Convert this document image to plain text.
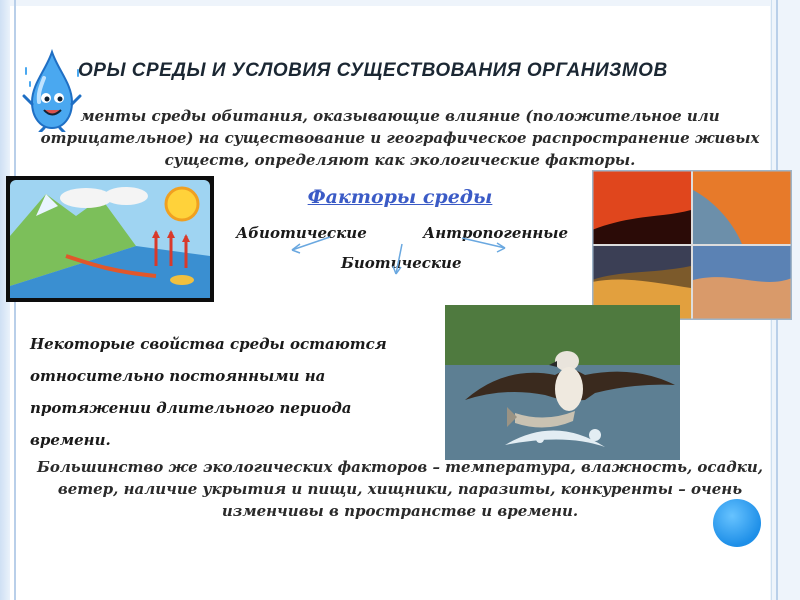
ОРЫ СРЕДЫ И УСЛОВИЯ СУЩЕСТВОВАНИЯ ОРГАНИЗМОВ
менты среды обитания, оказывающие влияние (положительное или отрицательное) на существование и географическое распространение живых существ, определяют как экологические факторы.
Факторы среды
Абиотические	Антропогенные
Биотические
Некоторые свойства среды остаются относительно постоянными на протяжении длительного периода времени.
Большинство же экологических факторов – температура, влажность, осадки, ветер, наличие укрытия и пищи, хищники, паразиты, конкуренты – очень изменчивы в пространстве и времени.
